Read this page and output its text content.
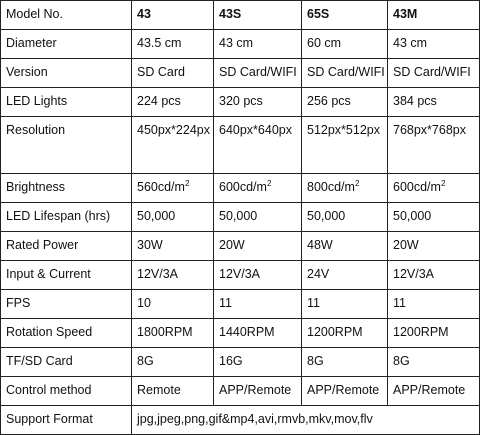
Model No.	43	43S	65S	43M
Diameter	43.5 cm	43 cm	60 cm	43 cm
Version	SD Card	SD Card/WIFI	SD Card/WIFI	SD Card/WIFI
LED Lights	224 pcs	320 pcs	256 pcs	384 pcs
Resolution	450px*224px	640px*640px	512px*512px	768px*768px
Brightness	$560cd/m^2$	$600cd/m^2$	$800cd/m^2$	$600cd/m^2$
LED Lifespan (hrs)	50,000	50,000	50,000	50,000
Rated Power	30W	20W	48W	20W
Input & Current	12V/3A	12V/3A	24V	12V/3A
FPS	10	11	11	11
Rotation Speed	1800RPM	1440RPM	1200RPM	1200RPM
TF/SD Card	8G	16G	8G	8G
Control method	Remote	APP/Remote	APP/Remote	APP/Remote
Support Format	jpg,jpeg,png,gif&mp4,avi,rmvb,mkv,mov,flv			
